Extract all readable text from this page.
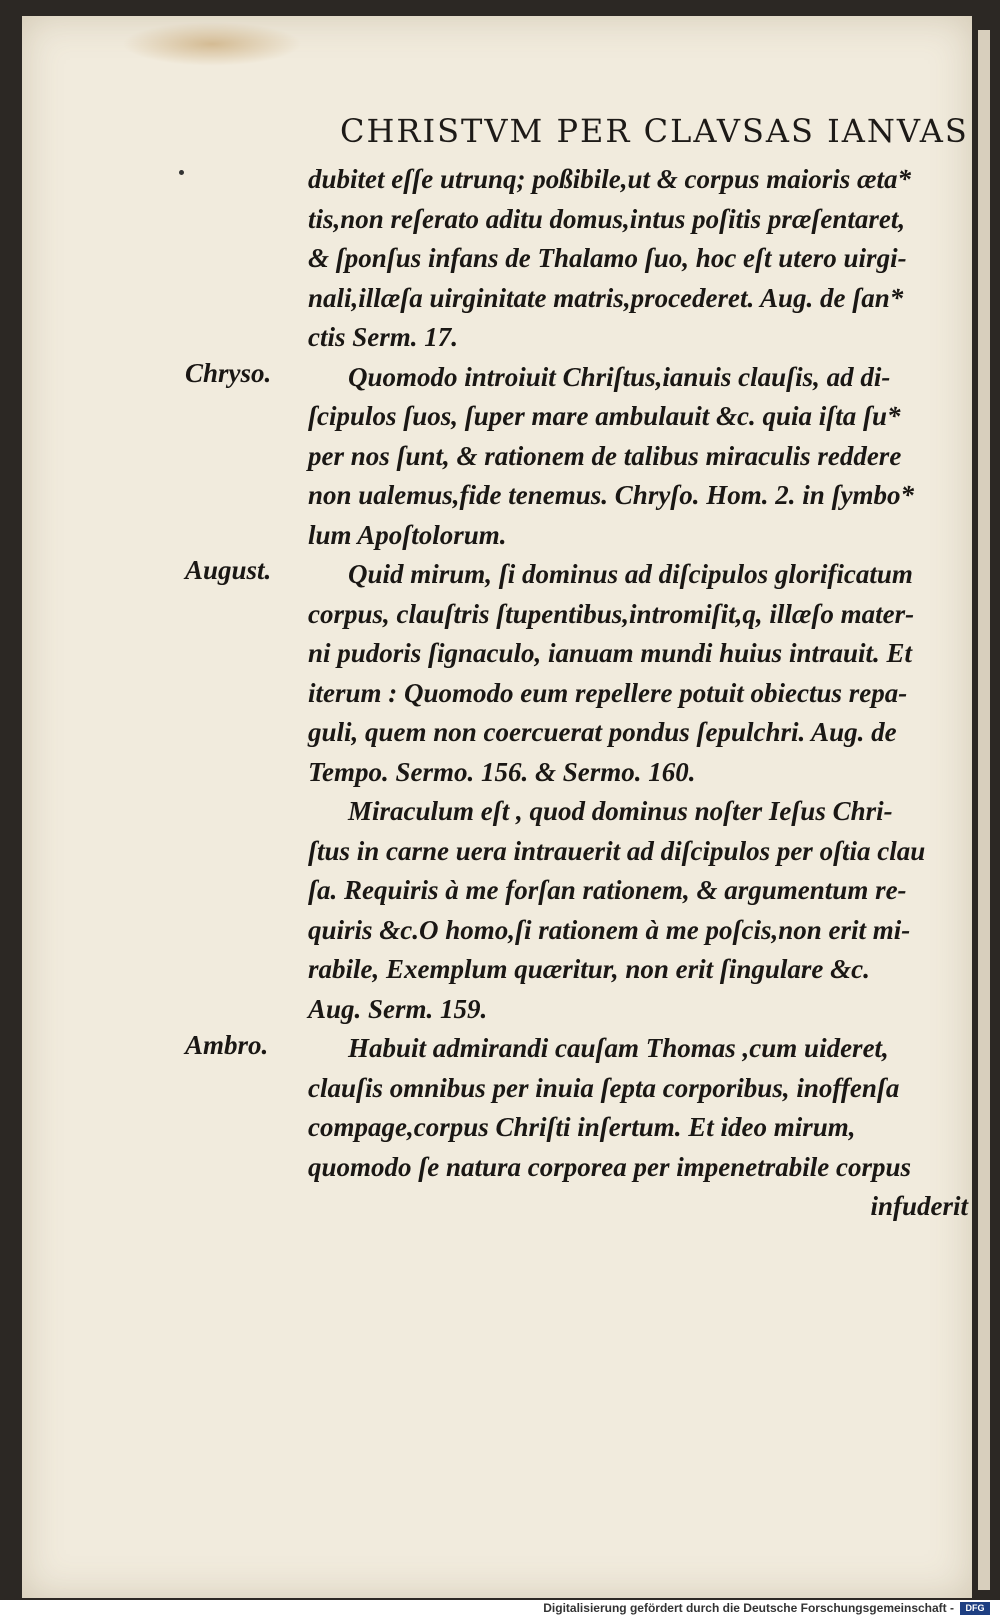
CHRISTVM PER CLAVSAS IANVAS
Chryso.
August.
Ambro.
dubitet eſſe utrunq; poßibile,ut & corpus maioris æta*
tis,non reſerato aditu domus,intus poſitis præſentaret,
& ſponſus infans de Thalamo ſuo, hoc eſt utero uirgi-
nali,illæſa uirginitate matris,procederet. Aug. de ſan*
ctis Serm. 17.
Quomodo introiuit Chriſtus,ianuis clauſis, ad di-
ſcipulos ſuos, ſuper mare ambulauit &c. quia iſta ſu*
per nos ſunt, & rationem de talibus miraculis reddere
non ualemus,fide tenemus. Chryſo. Hom. 2. in ſymbo*
lum Apoſtolorum.
Quid mirum, ſi dominus ad diſcipulos glorificatum
corpus, clauſtris ſtupentibus,intromiſit,q, illæſo mater-
ni pudoris ſignaculo, ianuam mundi huius intrauit. Et
iterum : Quomodo eum repellere potuit obiectus repa-
guli, quem non coercuerat pondus ſepulchri. Aug. de
Tempo. Sermo. 156. & Sermo. 160.
Miraculum eſt , quod dominus noſter Ieſus Chri-
ſtus in carne uera intrauerit ad diſcipulos per oſtia clau
ſa. Requiris à me forſan rationem, & argumentum re-
quiris &c.O homo,ſi rationem à me poſcis,non erit mi-
rabile, Exemplum quæritur, non erit ſingulare &c.
Aug. Serm. 159.
Habuit admirandi cauſam Thomas ,cum uideret,
clauſis omnibus per inuia ſepta corporibus, inoffenſa
compage,corpus Chriſti inſertum. Et ideo mirum,
quomodo ſe natura corporea per impenetrabile corpus
infuderit
Digitalisierung gefördert durch die Deutsche Forschungsgemeinschaft -	DFG
